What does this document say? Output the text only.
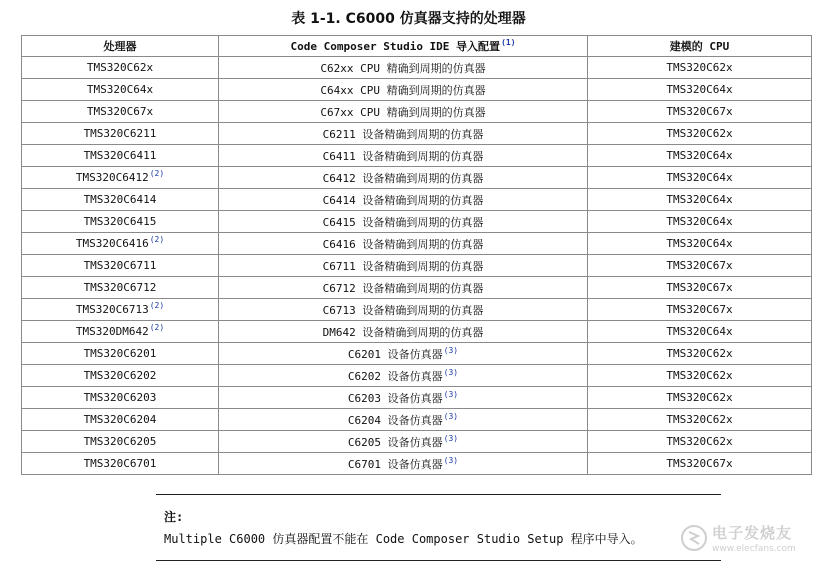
表 1-1. C6000 仿真器支持的处理器
处理器	Code Composer Studio IDE 导入配置$^{(1)}$	建模的 CPU
TMS320C62x	C62xx CPU 精确到周期的仿真器	TMS320C62x
TMS320C64x	C64xx CPU 精确到周期的仿真器	TMS320C64x
TMS320C67x	C67xx CPU 精确到周期的仿真器	TMS320C67x
TMS320C6211	C6211 设备精确到周期的仿真器	TMS320C62x
TMS320C6411	C6411 设备精确到周期的仿真器	TMS320C64x
TMS320C6412$^{(2)}$	C6412 设备精确到周期的仿真器	TMS320C64x
TMS320C6414	C6414 设备精确到周期的仿真器	TMS320C64x
TMS320C6415	C6415 设备精确到周期的仿真器	TMS320C64x
TMS320C6416$^{(2)}$	C6416 设备精确到周期的仿真器	TMS320C64x
TMS320C6711	C6711 设备精确到周期的仿真器	TMS320C67x
TMS320C6712	C6712 设备精确到周期的仿真器	TMS320C67x
TMS320C6713$^{(2)}$	C6713 设备精确到周期的仿真器	TMS320C67x
TMS320DM642$^{(2)}$	DM642 设备精确到周期的仿真器	TMS320C64x
TMS320C6201	C6201 设备仿真器$^{(3)}$	TMS320C62x
TMS320C6202	C6202 设备仿真器$^{(3)}$	TMS320C62x
TMS320C6203	C6203 设备仿真器$^{(3)}$	TMS320C62x
TMS320C6204	C6204 设备仿真器$^{(3)}$	TMS320C62x
TMS320C6205	C6205 设备仿真器$^{(3)}$	TMS320C62x
TMS320C6701	C6701 设备仿真器$^{(3)}$	TMS320C67x
注:
Multiple C6000 仿真器配置不能在 Code Composer Studio Setup 程序中导入。	电子发烧友
www.elecfans.com
